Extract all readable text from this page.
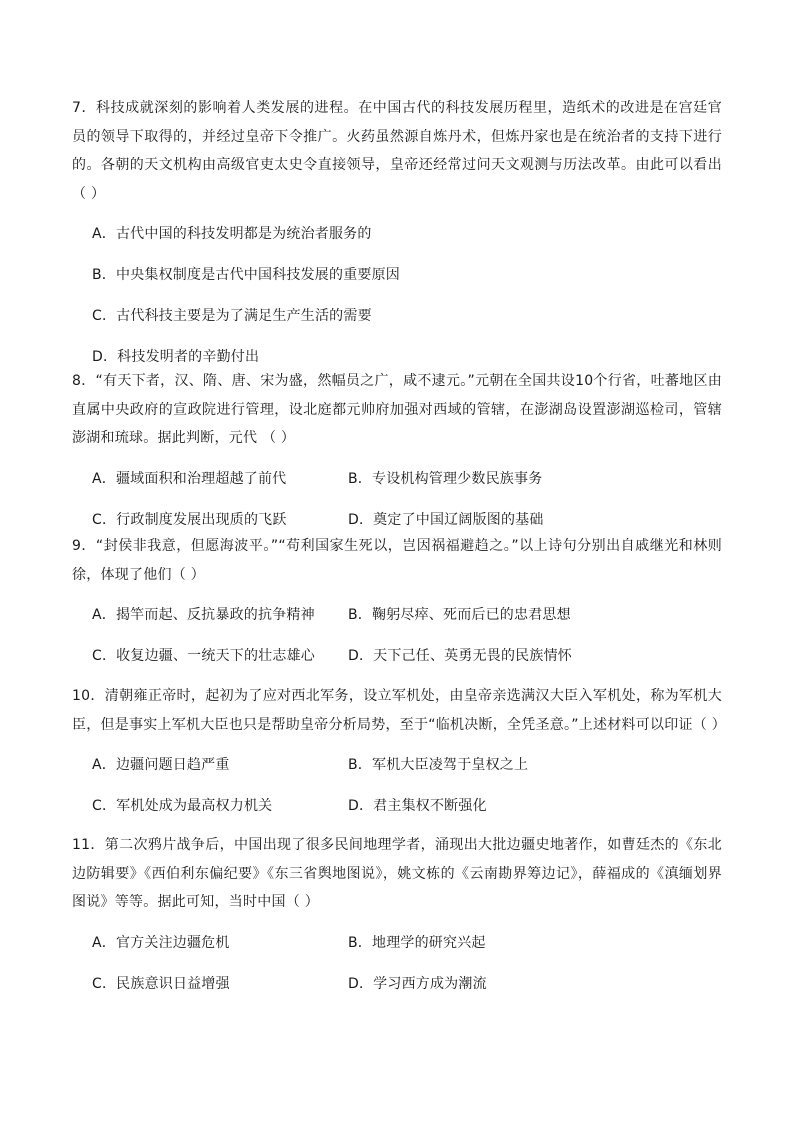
7．科技成就深刻的影响着人类发展的进程。在中国古代的科技发展历程里，造纸术的改进是在宫廷官员的领导下取得的，并经过皇帝下令推广。火药虽然源自炼丹术，但炼丹家也是在统治者的支持下进行的。各朝的天文机构由高级官吏太史令直接领导，皇帝还经常过问天文观测与历法改革。由此可以看出（ ）

A．古代中国的科技发明都是为统治者服务的
B．中央集权制度是古代中国科技发展的重要原因
C．古代科技主要是为了满足生产生活的需要
D．科技发明者的辛勤付出

8．“有天下者，汉、隋、唐、宋为盛，然幅员之广，咸不逮元。”元朝在全国共设10个行省，吐蕃地区由直属中央政府的宣政院进行管理，设北庭都元帅府加强对西域的管辖，在澎湖岛设置澎湖巡检司，管辖澎湖和琉球。据此判断，元代 （ ）

A．疆域面积和治理超越了前代	B．专设机构管理少数民族事务
C．行政制度发展出现质的飞跃	D．奠定了中国辽阔版图的基础

9．“封侯非我意，但愿海波平。”“苟利国家生死以，岂因祸福避趋之。”以上诗句分别出自戚继光和林则徐，体现了他们（ ）

A．揭竿而起、反抗暴政的抗争精神 B．鞠躬尽瘁、死而后已的忠君思想
C．收复边疆、一统天下的壮志雄心 D．天下己任、英勇无畏的民族情怀

10．清朝雍正帝时，起初为了应对西北军务，设立军机处，由皇帝亲选满汉大臣入军机处，称为军机大臣，但是事实上军机大臣也只是帮助皇帝分析局势，至于“临机决断，全凭圣意。”上述材料可以印证（ ）

A．边疆问题日趋严重	B．军机大臣凌驾于皇权之上
C．军机处成为最高权力机关	D．君主集权不断强化

11．第二次鸦片战争后，中国出现了很多民间地理学者，涌现出大批边疆史地著作，如曹廷杰的《东北边防辑要》《西伯利东偏纪要》《东三省舆地图说》，姚文栋的《云南勘界筹边记》，薛福成的《滇缅划界图说》等等。据此可知，当时中国（ ）

A．官方关注边疆危机	B．地理学的研究兴起
C．民族意识日益增强	D．学习西方成为潮流
